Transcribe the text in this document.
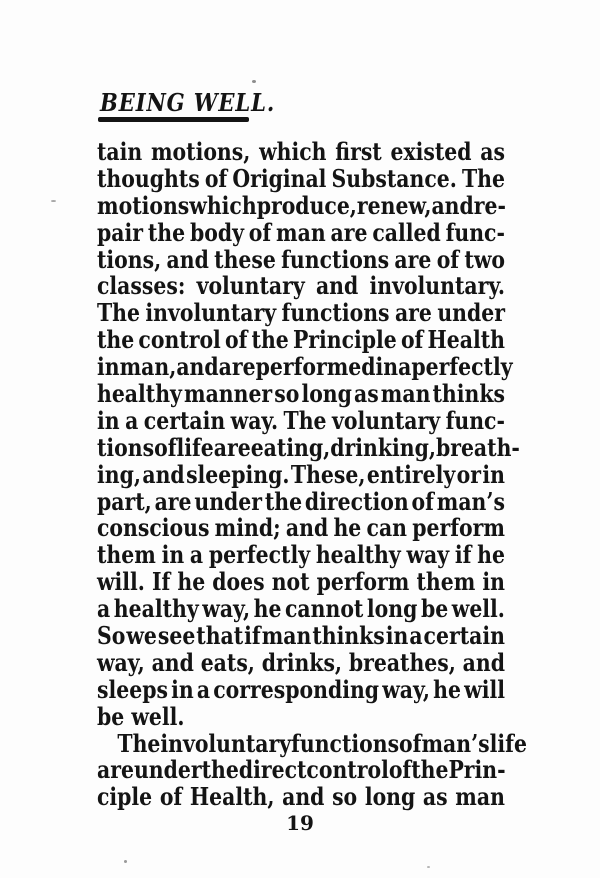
BEING WELL.
tain motions, which first existed as
thoughts of Original Substance. The
motions which produce, renew, and re-
pair the body of man are called func-
tions, and these functions are of two
classes: voluntary and involuntary.
The involuntary functions are under
the control of the Principle of Health
in man, and are performed in a perfectly
healthy manner so long as man thinks
in a certain way. The voluntary func-
tions of life are eating, drinking, breath-
ing, and sleeping. These, entirely or in
part, are under the direction of man’s
conscious mind; and he can perform
them in a perfectly healthy way if he
will. If he does not perform them in
a healthy way, he cannot long be well.
So we see that if man thinks in a certain
way, and eats, drinks, breathes, and
sleeps in a corresponding way, he will
be well.
The involuntary functions of man’s life
are under the direct control of the Prin-
ciple of Health, and so long as man
19
